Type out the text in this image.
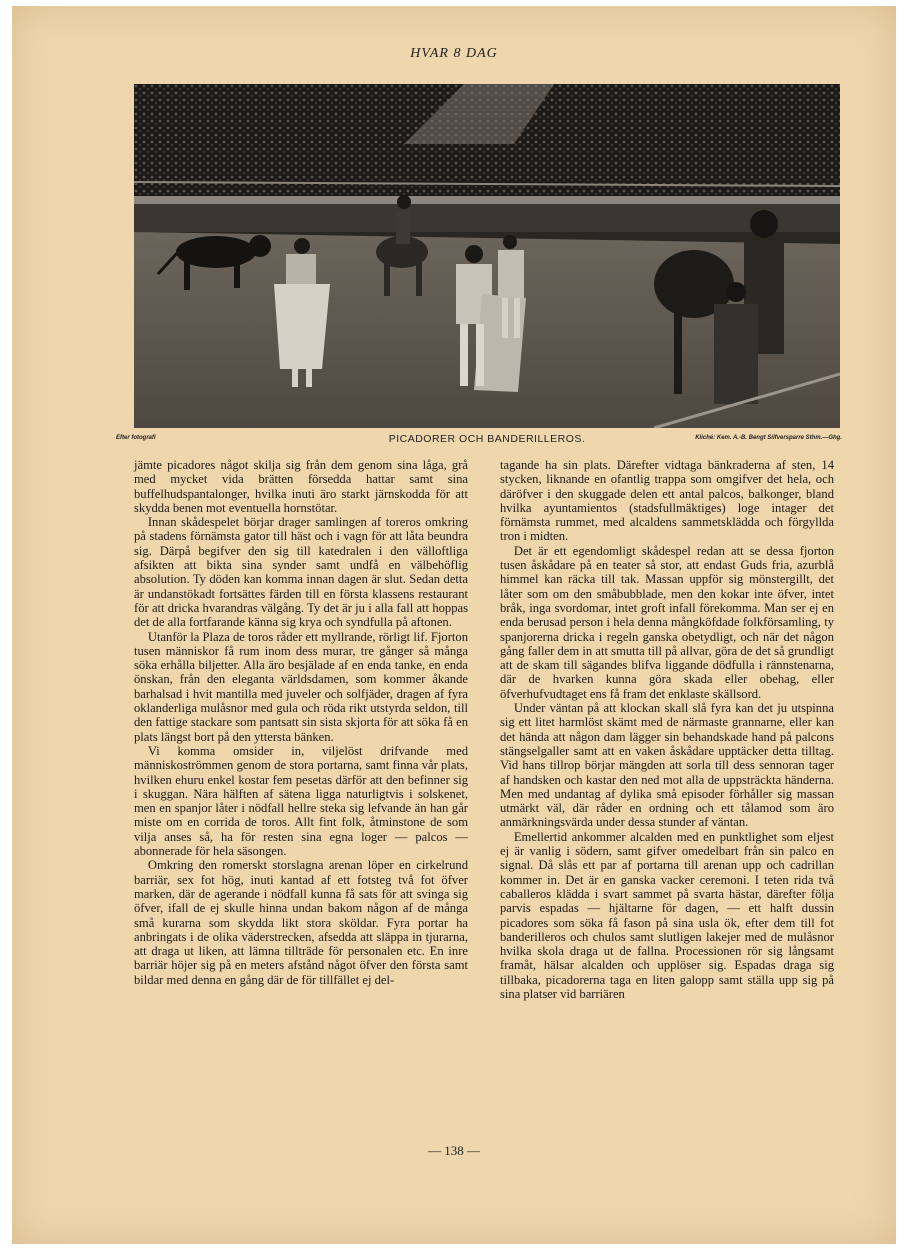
HVAR 8 DAG
Efter fotografi	PICADORER OCH BANDERILLEROS.	Kliché: Kem. A.-B. Bengt Silfversparre Sthm.—Ghg.

jämte picadores något skilja sig från dem genom sina låga, grå med mycket vida brätten försedda hattar samt sina buffelhudspantalonger, hvilka inuti äro starkt järnskodda för att skydda benen mot eventuella hornstötar.

Innan skådespelet börjar drager samlingen af toreros omkring på stadens förnämsta gator till häst och i vagn för att låta beundra sig. Därpå begifver den sig till katedralen i den välloftliga afsikten att bikta sina synder samt undfå en välbehöflig absolution. Ty döden kan komma innan dagen är slut. Sedan detta är undanstökadt fortsättes färden till en första klassens restaurant för att dricka hvarandras välgång. Ty det är ju i alla fall att hoppas det de alla fortfarande känna sig krya och syndfulla på aftonen.

Utanför la Plaza de toros råder ett myllrande, rörligt lif. Fjorton tusen människor få rum inom dess murar, tre gånger så många söka erhålla biljetter. Alla äro besjälade af en enda tanke, en enda önskan, från den eleganta världsdamen, som kommer åkande barhalsad i hvit mantilla med juveler och solfjäder, dragen af fyra oklanderliga mulåsnor med gula och röda rikt utstyrda seldon, till den fattige stackare som pantsatt sin sista skjorta för att söka få en plats längst bort på den yttersta bänken.

Vi komma omsider in, viljelöst drifvande med människoströmmen genom de stora portarna, samt finna vår plats, hvilken ehuru enkel kostar fem pesetas därför att den befinner sig i skuggan. Nära hälften af sätena ligga naturligtvis i solskenet, men en spanjor låter i nödfall hellre steka sig lefvande än han går miste om en corrida de toros. Allt fint folk, åtminstone de som vilja anses så, ha för resten sina egna loger — palcos — abonnerade för hela säsongen.

Omkring den romerskt storslagna arenan löper en cirkelrund barriär, sex fot hög, inuti kantad af ett fotsteg två fot öfver marken, där de agerande i nödfall kunna få sats för att svinga sig öfver, ifall de ej skulle hinna undan bakom någon af de många små kurarna som skydda likt stora sköldar. Fyra portar ha anbringats i de olika väderstrecken, afsedda att släppa in tjurarna, att draga ut liken, att lämna tillträde för personalen etc. En inre barriär höjer sig på en meters afstånd något öfver den första samt bildar med denna en gång där de för tillfället ej del-

tagande ha sin plats. Därefter vidtaga bänkraderna af sten, 14 stycken, liknande en ofantlig trappa som omgifver det hela, och däröfver i den skuggade delen ett antal palcos, balkonger, bland hvilka ayuntamientos (stadsfullmäktiges) loge intager det förnämsta rummet, med alcaldens sammetsklädda och förgyllda tron i midten.

Det är ett egendomligt skådespel redan att se dessa fjorton tusen åskådare på en teater så stor, att endast Guds fria, azurblå himmel kan räcka till tak. Massan uppför sig mönstergillt, det låter som om den småbubblade, men den kokar inte öfver, intet bråk, inga svordomar, intet groft infall förekomma. Man ser ej en enda berusad person i hela denna mångköfdade folkförsamling, ty spanjorerna dricka i regeln ganska obetydligt, och när det någon gång faller dem in att smutta till på allvar, göra de det så grundligt att de skam till sägandes blifva liggande dödfulla i rännstenarna, där de hvarken kunna göra skada eller obehag, eller öfverhufvudtaget ens få fram det enklaste skällsord.

Under väntan på att klockan skall slå fyra kan det ju utspinna sig ett litet harmlöst skämt med de närmaste grannarne, eller kan det hända att någon dam lägger sin behandskade hand på palcons stängselgaller samt att en vaken åskådare upptäcker detta tilltag. Vid hans tillrop börjar mängden att sorla till dess sennoran tager af handsken och kastar den ned mot alla de uppsträckta händerna. Men med undantag af dylika små episoder förhåller sig massan utmärkt väl, där råder en ordning och ett tålamod som äro anmärkningsvärda under dessa stunder af väntan.

Emellertid ankommer alcalden med en punktlighet som eljest ej är vanlig i södern, samt gifver omedelbart från sin palco en signal. Då slås ett par af portarna till arenan upp och cadrillan kommer in. Det är en ganska vacker ceremoni. I teten rida två caballeros klädda i svart sammet på svarta hästar, därefter följa parvis espadas — hjältarne för dagen, — ett halft dussin picadores som söka få fason på sina usla ök, efter dem till fot banderilleros och chulos samt slutligen lakejer med de mulåsnor hvilka skola draga ut de fallna. Processionen rör sig långsamt framåt, hälsar alcalden och upplöser sig. Espadas draga sig tillbaka, picadorerna taga en liten galopp samt ställa upp sig på sina platser vid barriären

— 138 —
